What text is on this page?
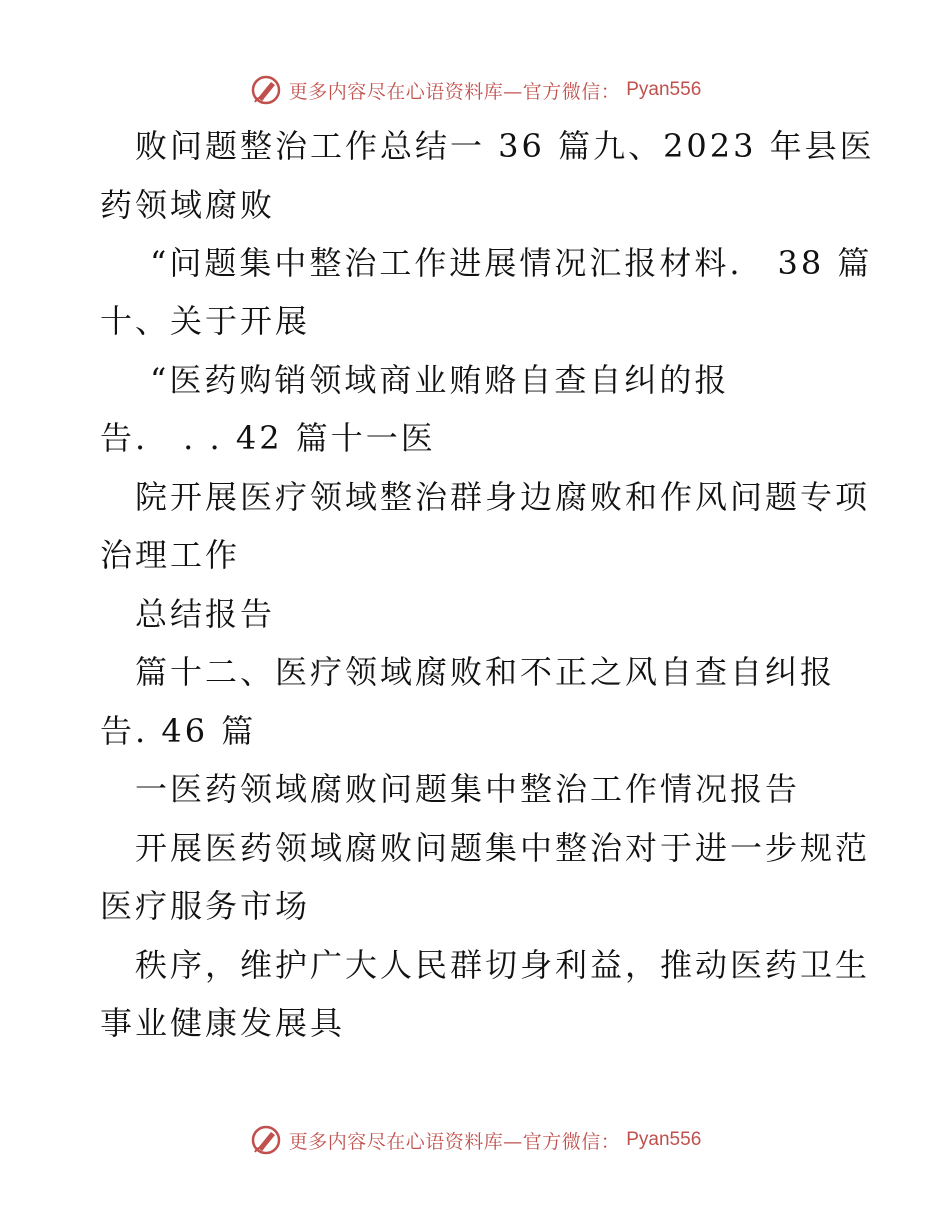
更多内容尽在心语资料库—官方微信： Pyan556
败问题整治工作总结一 36 篇九、2023 年县医
药领域腐败
“问题集中整治工作进展情况汇报材料.　38 篇
十、关于开展
“医药购销领域商业贿赂自查自纠的报
告.　. . 42 篇十一医
院开展医疗领域整治群身边腐败和作风问题专项
治理工作
总结报告
篇十二、医疗领域腐败和不正之风自查自纠报
告. 46 篇
一医药领域腐败问题集中整治工作情况报告
开展医药领域腐败问题集中整治对于进一步规范
医疗服务市场
秩序，维护广大人民群切身利益，推动医药卫生
事业健康发展具
更多内容尽在心语资料库—官方微信： Pyan556
